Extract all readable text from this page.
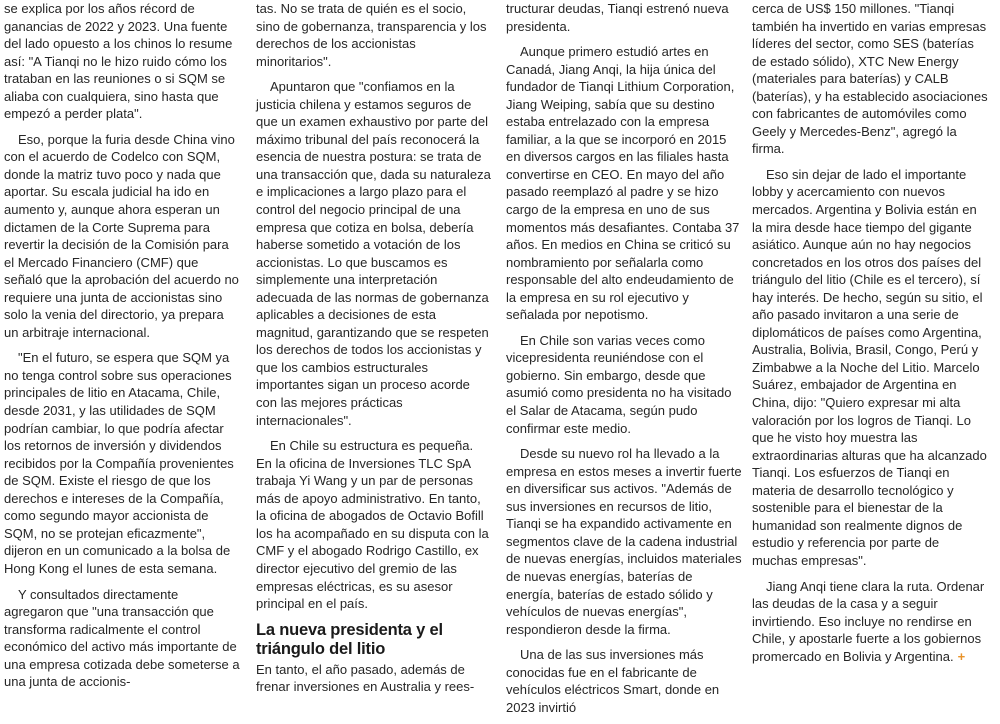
se explica por los años récord de ganancias de 2022 y 2023. Una fuente del lado opuesto a los chinos lo resume así: "A Tianqi no le hizo ruido cómo los trataban en las reuniones o si SQM se aliaba con cualquiera, sino hasta que empezó a perder plata".

Eso, porque la furia desde China vino con el acuerdo de Codelco con SQM, donde la matriz tuvo poco y nada que aportar. Su escala judicial ha ido en aumento y, aunque ahora esperan un dictamen de la Corte Suprema para revertir la decisión de la Comisión para el Mercado Financiero (CMF) que señaló que la aprobación del acuerdo no requiere una junta de accionistas sino solo la venia del directorio, ya prepara un arbitraje internacional.

"En el futuro, se espera que SQM ya no tenga control sobre sus operaciones principales de litio en Atacama, Chile, desde 2031, y las utilidades de SQM podrían cambiar, lo que podría afectar los retornos de inversión y dividendos recibidos por la Compañía provenientes de SQM. Existe el riesgo de que los derechos e intereses de la Compañía, como segundo mayor accionista de SQM, no se protejan eficazmente", dijeron en un comunicado a la bolsa de Hong Kong el lunes de esta semana.

Y consultados directamente agregaron que "una transacción que transforma radicalmente el control económico del activo más importante de una empresa cotizada debe someterse a una junta de accionis-

tas. No se trata de quién es el socio, sino de gobernanza, transparencia y los derechos de los accionistas minoritarios".

Apuntaron que "confiamos en la justicia chilena y estamos seguros de que un examen exhaustivo por parte del máximo tribunal del país reconocerá la esencia de nuestra postura: se trata de una transacción que, dada su naturaleza e implicaciones a largo plazo para el control del negocio principal de una empresa que cotiza en bolsa, debería haberse sometido a votación de los accionistas. Lo que buscamos es simplemente una interpretación adecuada de las normas de gobernanza aplicables a decisiones de esta magnitud, garantizando que se respeten los derechos de todos los accionistas y que los cambios estructurales importantes sigan un proceso acorde con las mejores prácticas internacionales".

En Chile su estructura es pequeña. En la oficina de Inversiones TLC SpA trabaja Yi Wang y un par de personas más de apoyo administrativo. En tanto, la oficina de abogados de Octavio Bofill los ha acompañado en su disputa con la CMF y el abogado Rodrigo Castillo, ex director ejecutivo del gremio de las empresas eléctricas, es su asesor principal en el país.

La nueva presidenta y el triángulo del litio

En tanto, el año pasado, además de frenar inversiones en Australia y rees-

tructurar deudas, Tianqi estrenó nueva presidenta.

Aunque primero estudió artes en Canadá, Jiang Anqi, la hija única del fundador de Tianqi Lithium Corporation, Jiang Weiping, sabía que su destino estaba entrelazado con la empresa familiar, a la que se incorporó en 2015 en diversos cargos en las filiales hasta convertirse en CEO. En mayo del año pasado reemplazó al padre y se hizo cargo de la empresa en uno de sus momentos más desafiantes. Contaba 37 años. En medios en China se criticó su nombramiento por señalarla como responsable del alto endeudamiento de la empresa en su rol ejecutivo y señalada por nepotismo.

En Chile son varias veces como vicepresidenta reuniéndose con el gobierno. Sin embargo, desde que asumió como presidenta no ha visitado el Salar de Atacama, según pudo confirmar este medio.

Desde su nuevo rol ha llevado a la empresa en estos meses a invertir fuerte en diversificar sus activos. "Además de sus inversiones en recursos de litio, Tianqi se ha expandido activamente en segmentos clave de la cadena industrial de nuevas energías, incluidos materiales de nuevas energías, baterías de energía, baterías de estado sólido y vehículos de nuevas energías", respondieron desde la firma.

Una de las sus inversiones más conocidas fue en el fabricante de vehículos eléctricos Smart, donde en 2023 invirtió

cerca de US$ 150 millones. "Tianqi también ha invertido en varias empresas líderes del sector, como SES (baterías de estado sólido), XTC New Energy (materiales para baterías) y CALB (baterías), y ha establecido asociaciones con fabricantes de automóviles como Geely y Mercedes-Benz", agregó la firma.

Eso sin dejar de lado el importante lobby y acercamiento con nuevos mercados. Argentina y Bolivia están en la mira desde hace tiempo del gigante asiático. Aunque aún no hay negocios concretados en los otros dos países del triángulo del litio (Chile es el tercero), sí hay interés. De hecho, según su sitio, el año pasado invitaron a una serie de diplomáticos de países como Argentina, Australia, Bolivia, Brasil, Congo, Perú y Zimbabwe a la Noche del Litio. Marcelo Suárez, embajador de Argentina en China, dijo: "Quiero expresar mi alta valoración por los logros de Tianqi. Lo que he visto hoy muestra las extraordinarias alturas que ha alcanzado Tianqi. Los esfuerzos de Tianqi en materia de desarrollo tecnológico y sostenible para el bienestar de la humanidad son realmente dignos de estudio y referencia por parte de muchas empresas".

Jiang Anqi tiene clara la ruta. Ordenar las deudas de la casa y a seguir invirtiendo. Eso incluye no rendirse en Chile, y apostarle fuerte a los gobiernos promercado en Bolivia y Argentina. +
